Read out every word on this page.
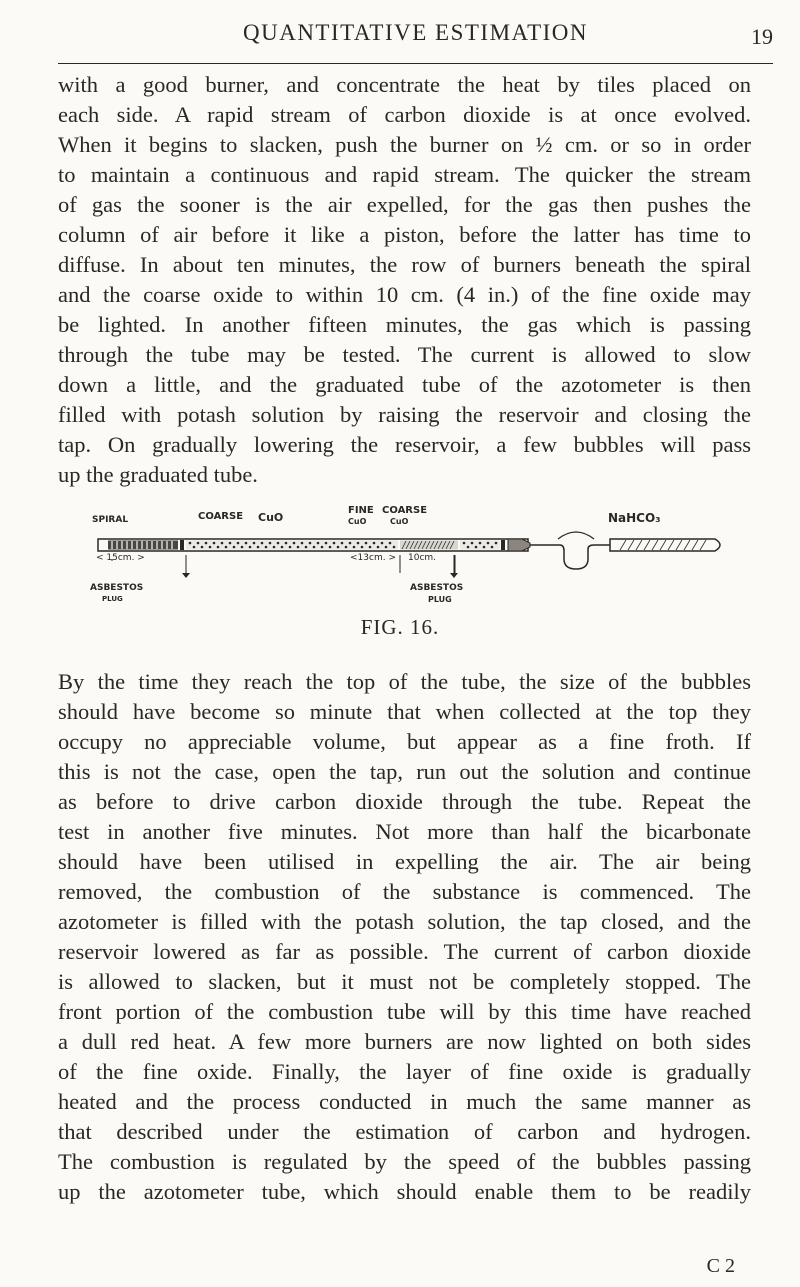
QUANTITATIVE ESTIMATION	19
with a good burner, and concentrate the heat by tiles placed on
each side. A rapid stream of carbon dioxide is at once evolved.
When it begins to slacken, push the burner on ½ cm. or so in order
to maintain a continuous and rapid stream. The quicker the stream
of gas the sooner is the air expelled, for the gas then pushes the
column of air before it like a piston, before the latter has time to
diffuse. In about ten minutes, the row of burners beneath the spiral
and the coarse oxide to within 10 cm. (4 in.) of the fine oxide may
be lighted. In another fifteen minutes, the gas which is passing
through the tube may be tested. The current is allowed to slow
down a little, and the graduated tube of the azotometer is then
filled with potash solution by raising the reservoir and closing the
tap. On gradually lowering the reservoir, a few bubbles will pass
up the graduated tube.
SPIRAL	COARSE CuO
FINE
CuO
COARSE
CuO	NaHCO₃
< 15cm. >	<13cm. > 10cm.
ASBESTOS
PLUG
ASBESTOS
PLUG
FIG. 16.
By the time they reach the top of the tube, the size of the bubbles
should have become so minute that when collected at the top they
occupy no appreciable volume, but appear as a fine froth. If
this is not the case, open the tap, run out the solution and continue
as before to drive carbon dioxide through the tube. Repeat the
test in another five minutes. Not more than half the bicarbonate
should have been utilised in expelling the air. The air being
removed, the combustion of the substance is commenced. The
azotometer is filled with the potash solution, the tap closed, and the
reservoir lowered as far as possible. The current of carbon dioxide
is allowed to slacken, but it must not be completely stopped. The
front portion of the combustion tube will by this time have reached
a dull red heat. A few more burners are now lighted on both sides
of the fine oxide. Finally, the layer of fine oxide is gradually
heated and the process conducted in much the same manner as
that described under the estimation of carbon and hydrogen.
The combustion is regulated by the speed of the bubbles passing
up the azotometer tube, which should enable them to be readily
C 2
